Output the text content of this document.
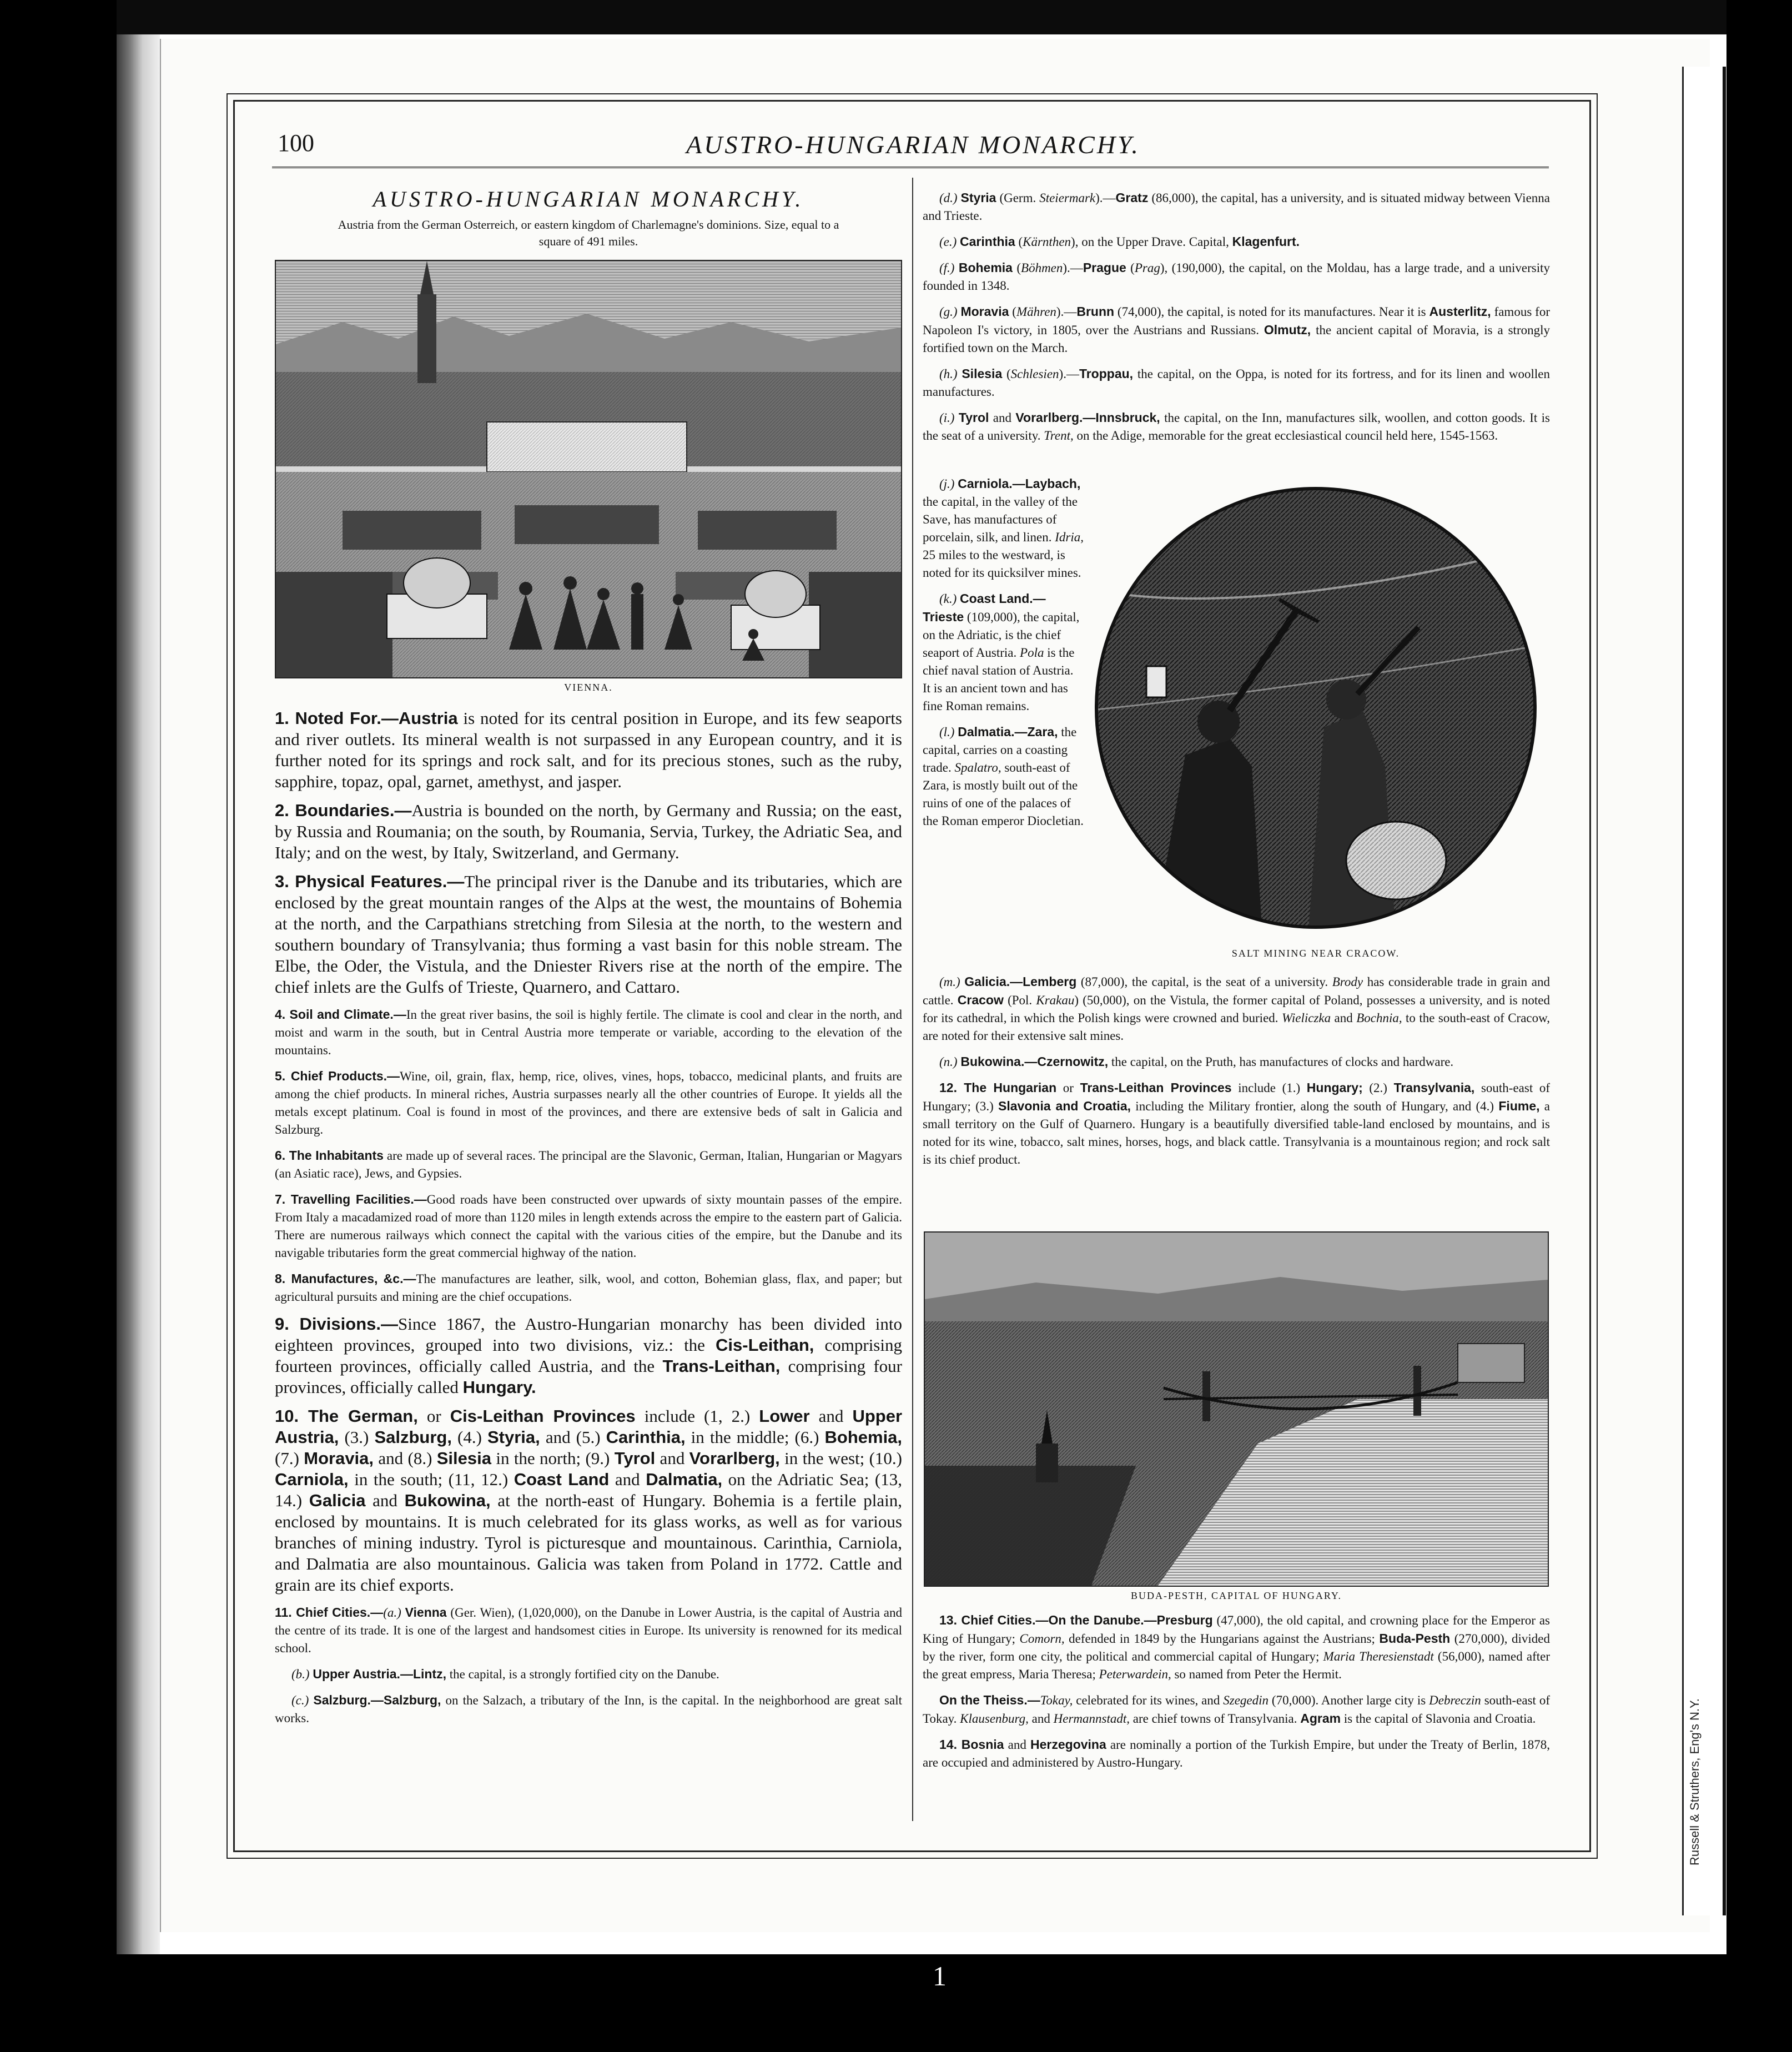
Russell & Struthers, Eng's N.Y.
1
100	AUSTRO-HUNGARIAN MONARCHY.
AUSTRO-HUNGARIAN MONARCHY.
Austria from the German Osterreich, or eastern kingdom of Charlemagne's dominions. Size, equal to a square of 491 miles.
VIENNA.

1. Noted For.—Austria is noted for its central position in Europe, and its few seaports and river outlets. Its mineral wealth is not surpassed in any European country, and it is further noted for its springs and rock salt, and for its precious stones, such as the ruby, sapphire, topaz, opal, garnet, amethyst, and jasper.

2. Boundaries.—Austria is bounded on the north, by Germany and Russia; on the east, by Russia and Roumania; on the south, by Roumania, Servia, Turkey, the Adriatic Sea, and Italy; and on the west, by Italy, Switzerland, and Germany.

3. Physical Features.—The principal river is the Danube and its tributaries, which are enclosed by the great mountain ranges of the Alps at the west, the mountains of Bohemia at the north, and the Carpathians stretching from Silesia at the north, to the western and southern boundary of Transylvania; thus forming a vast basin for this noble stream. The Elbe, the Oder, the Vistula, and the Dniester Rivers rise at the north of the empire. The chief inlets are the Gulfs of Trieste, Quarnero, and Cattaro.

4. Soil and Climate.—In the great river basins, the soil is highly fertile. The climate is cool and clear in the north, and moist and warm in the south, but in Central Austria more temperate or variable, according to the elevation of the mountains.

5. Chief Products.—Wine, oil, grain, flax, hemp, rice, olives, vines, hops, tobacco, medicinal plants, and fruits are among the chief products. In mineral riches, Austria surpasses nearly all the other countries of Europe. It yields all the metals except platinum. Coal is found in most of the provinces, and there are extensive beds of salt in Galicia and Salzburg.

6. The Inhabitants are made up of several races. The principal are the Slavonic, German, Italian, Hungarian or Magyars (an Asiatic race), Jews, and Gypsies.

7. Travelling Facilities.—Good roads have been constructed over upwards of sixty mountain passes of the empire. From Italy a macadamized road of more than 1120 miles in length extends across the empire to the eastern part of Galicia. There are numerous railways which connect the capital with the various cities of the empire, but the Danube and its navigable tributaries form the great commercial highway of the nation.

8. Manufactures, &c.—The manufactures are leather, silk, wool, and cotton, Bohemian glass, flax, and paper; but agricultural pursuits and mining are the chief occupations.

9. Divisions.—Since 1867, the Austro-Hungarian monarchy has been divided into eighteen provinces, grouped into two divisions, viz.: the Cis-Leithan, comprising fourteen provinces, officially called Austria, and the Trans-Leithan, comprising four provinces, officially called Hungary.

10. The German, or Cis-Leithan Provinces include (1, 2.) Lower and Upper Austria, (3.) Salzburg, (4.) Styria, and (5.) Carinthia, in the middle; (6.) Bohemia, (7.) Moravia, and (8.) Silesia in the north; (9.) Tyrol and Vorarlberg, in the west; (10.) Carniola, in the south; (11, 12.) Coast Land and Dalmatia, on the Adriatic Sea; (13, 14.) Galicia and Bukowina, at the north-east of Hungary. Bohemia is a fertile plain, enclosed by mountains. It is much celebrated for its glass works, as well as for various branches of mining industry. Tyrol is picturesque and mountainous. Carinthia, Carniola, and Dalmatia are also mountainous. Galicia was taken from Poland in 1772. Cattle and grain are its chief exports.

11. Chief Cities.—(a.) Vienna (Ger. Wien), (1,020,000), on the Danube in Lower Austria, is the capital of Austria and the centre of its trade. It is one of the largest and handsomest cities in Europe. Its university is renowned for its medical school.

(b.) Upper Austria.—Lintz, the capital, is a strongly fortified city on the Danube.

(c.) Salzburg.—Salzburg, on the Salzach, a tributary of the Inn, is the capital. In the neighborhood are great salt works.

(d.) Styria (Germ. Steiermark).—Gratz (86,000), the capital, has a university, and is situated midway between Vienna and Trieste.

(e.) Carinthia (Kärnthen), on the Upper Drave. Capital, Klagenfurt.

(f.) Bohemia (Böhmen).—Prague (Prag), (190,000), the capital, on the Moldau, has a large trade, and a university founded in 1348.

(g.) Moravia (Mähren).—Brunn (74,000), the capital, is noted for its manufactures. Near it is Austerlitz, famous for Napoleon I's victory, in 1805, over the Austrians and Russians. Olmutz, the ancient capital of Moravia, is a strongly fortified town on the March.

(h.) Silesia (Schlesien).—Troppau, the capital, on the Oppa, is noted for its fortress, and for its linen and woollen manufactures.

(i.) Tyrol and Vorarlberg.—Innsbruck, the capital, on the Inn, manufactures silk, woollen, and cotton goods. It is the seat of a university. Trent, on the Adige, memorable for the great ecclesiastical council held here, 1545-1563.

(j.) Carniola.—Laybach, the capital, in the valley of the Save, has manufactures of porcelain, silk, and linen. Idria, 25 miles to the westward, is noted for its quicksilver mines.

(k.) Coast Land.—Trieste (109,000), the capital, on the Adriatic, is the chief seaport of Austria. Pola is the chief naval station of Austria. It is an ancient town and has fine Roman remains.

(l.) Dalmatia.—Zara, the capital, carries on a coasting trade. Spalatro, south-east of Zara, is mostly built out of the ruins of one of the palaces of the Roman emperor Diocletian.

SALT MINING NEAR CRACOW.

(m.) Galicia.—Lemberg (87,000), the capital, is the seat of a university. Brody has considerable trade in grain and cattle. Cracow (Pol. Krakau) (50,000), on the Vistula, the former capital of Poland, possesses a university, and is noted for its cathedral, in which the Polish kings were crowned and buried. Wieliczka and Bochnia, to the south-east of Cracow, are noted for their extensive salt mines.

(n.) Bukowina.—Czernowitz, the capital, on the Pruth, has manufactures of clocks and hardware.

12. The Hungarian or Trans-Leithan Provinces include (1.) Hungary; (2.) Transylvania, south-east of Hungary; (3.) Slavonia and Croatia, including the Military frontier, along the south of Hungary, and (4.) Fiume, a small territory on the Gulf of Quarnero. Hungary is a beautifully diversified table-land enclosed by mountains, and is noted for its wine, tobacco, salt mines, horses, hogs, and black cattle. Transylvania is a mountainous region; and rock salt is its chief product.

BUDA-PESTH, CAPITAL OF HUNGARY.

13. Chief Cities.—On the Danube.—Presburg (47,000), the old capital, and crowning place for the Emperor as King of Hungary; Comorn, defended in 1849 by the Hungarians against the Austrians; Buda-Pesth (270,000), divided by the river, form one city, the political and commercial capital of Hungary; Maria Theresienstadt (56,000), named after the great empress, Maria Theresa; Peterwardein, so named from Peter the Hermit.

On the Theiss.—Tokay, celebrated for its wines, and Szegedin (70,000). Another large city is Debreczin south-east of Tokay. Klausenburg, and Hermannstadt, are chief towns of Transylvania. Agram is the capital of Slavonia and Croatia.

14. Bosnia and Herzegovina are nominally a portion of the Turkish Empire, but under the Treaty of Berlin, 1878, are occupied and administered by Austro-Hungary.
